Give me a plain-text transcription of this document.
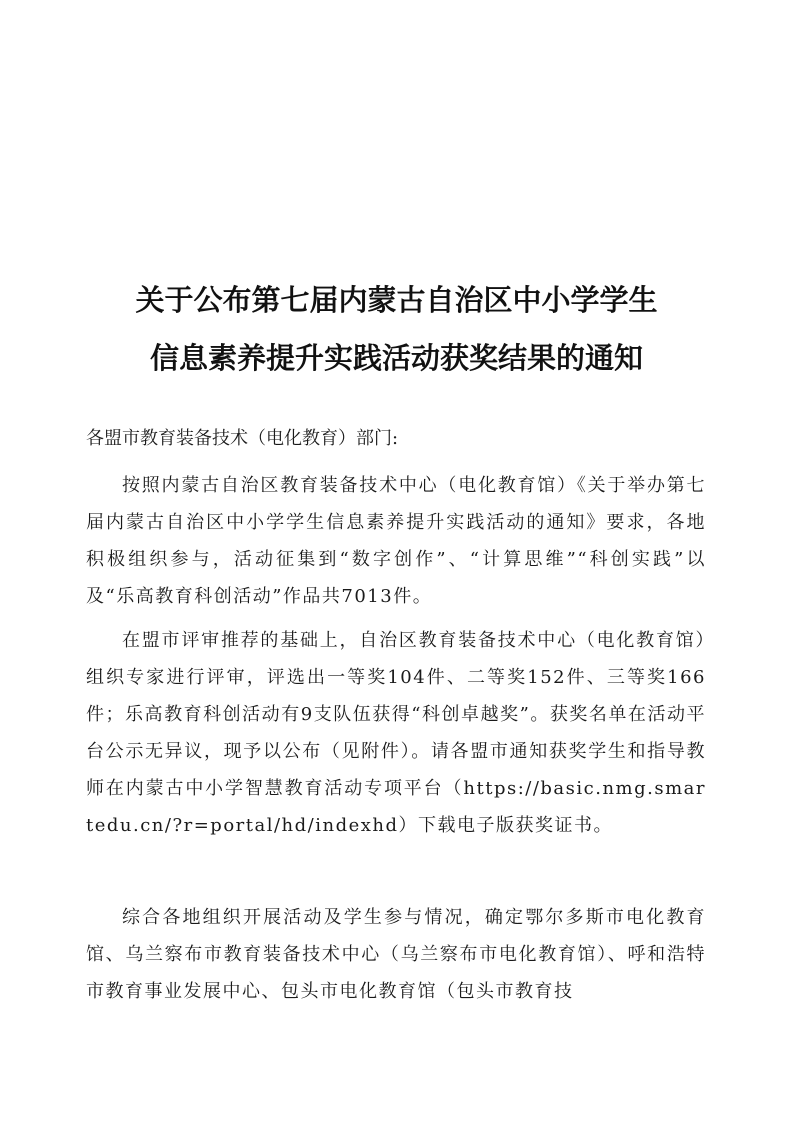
关于公布第七届内蒙古自治区中小学学生
信息素养提升实践活动获奖结果的通知
各盟市教育装备技术（电化教育）部门:

按照内蒙古自治区教育装备技术中心（电化教育馆）《关于举办第七届内蒙古自治区中小学学生信息素养提升实践活动的通知》要求，各地积极组织参与，活动征集到“数字创作”、“计算思维”“科创实践”以及“乐高教育科创活动”作品共7013件。

在盟市评审推荐的基础上，自治区教育装备技术中心（电化教育馆）组织专家进行评审，评选出一等奖104件、二等奖152件、三等奖166件；乐高教育科创活动有9支队伍获得“科创卓越奖”。获奖名单在活动平台公示无异议，现予以公布（见附件）。请各盟市通知获奖学生和指导教师在内蒙古中小学智慧教育活动专项平台（https://basic.nmg.smartedu.cn/?r=portal/hd/indexhd）下载电子版获奖证书。

综合各地组织开展活动及学生参与情况，确定鄂尔多斯市电化教育馆、乌兰察布市教育装备技术中心（乌兰察布市电化教育馆）、呼和浩特市教育事业发展中心、包头市电化教育馆（包头市教育技
